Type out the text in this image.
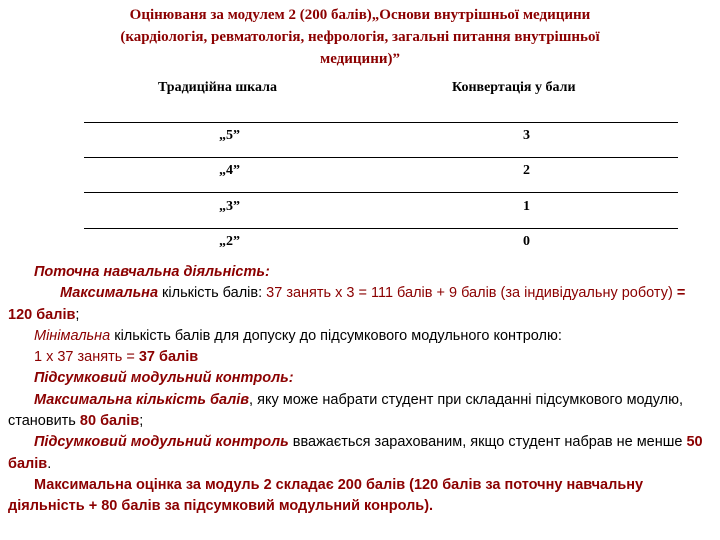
Оцінюваня за модулем 2 (200 балів)„Основи внутрішньої медицини
(кардіологія, ревматологія, нефрологія, загальні питання внутрішньої
медицини)”
Традиційна шкала	Конвертація у бали
„5”	3
„4”	2
„3”	1
„2”	0

Поточна навчальна діяльність:

Максимальна кількість балів: 37 занять х 3 = 111 балів + 9 балів (за індивідуальну роботу) = 120 балів;

Мінімальна кількість балів для допуску до підсумкового модульного контролю:

1 х 37 занять = 37 балів

Підсумковий модульний контроль:

Максимальна кількість балів, яку може набрати студент при складанні підсумкового модулю, становить 80 балів;

Підсумковий модульний контроль вважається зарахованим, якщо студент набрав не менше 50 балів.

Максимальна оцінка за модуль 2 складає 200 балів (120 балів за поточну навчальну діяльність + 80 балів за підсумковий модульний конроль).
